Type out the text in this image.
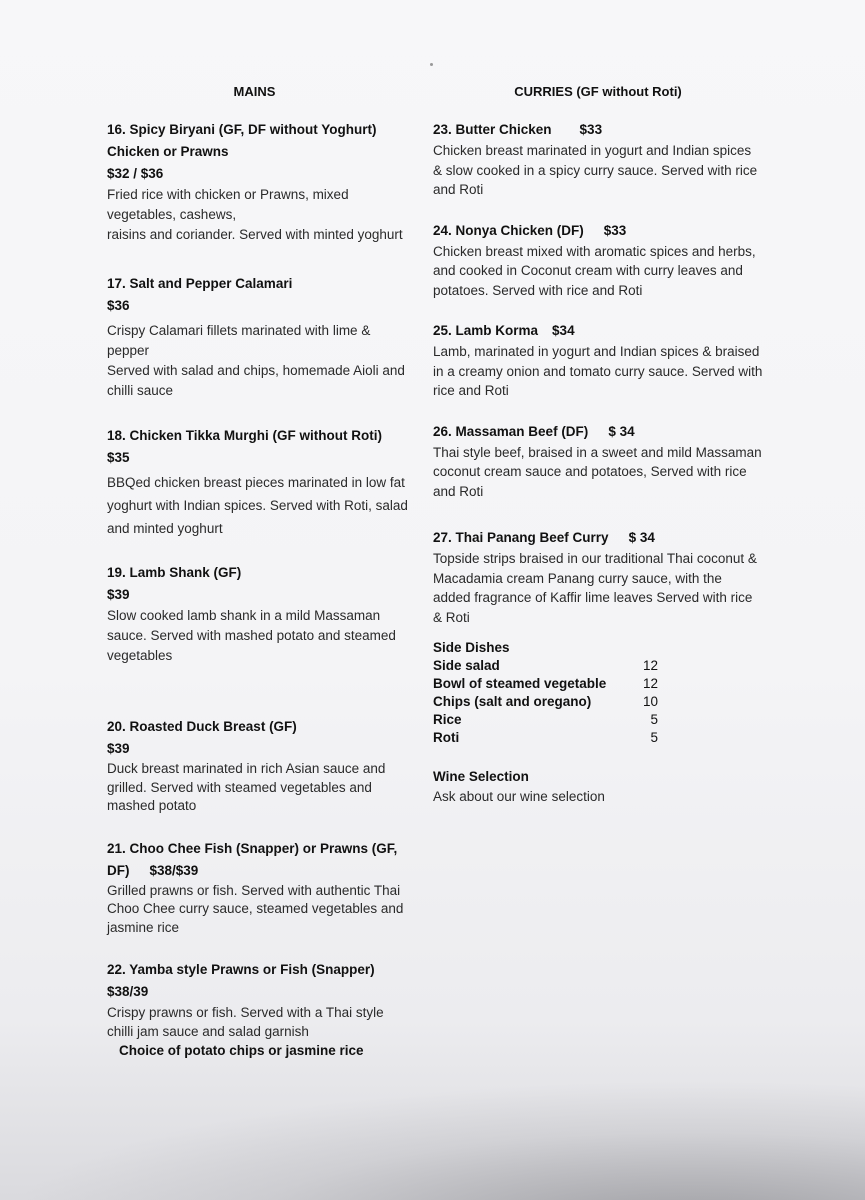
MAINS
16. Spicy Biryani (GF, DF without Yoghurt) Chicken or Prawns
$32 / $36
Fried rice with chicken or Prawns, mixed vegetables, cashews,
raisins and coriander. Served with minted yoghurt
17. Salt and Pepper Calamari
$36
Crispy Calamari fillets marinated with lime & pepper
Served with salad and chips, homemade Aioli and chilli sauce
18. Chicken Tikka Murghi (GF without Roti)
$35
BBQed chicken breast pieces marinated in low fat yoghurt with Indian spices. Served with Roti, salad and minted yoghurt
19. Lamb Shank (GF)
$39
Slow cooked lamb shank in a mild Massaman sauce. Served with mashed potato and steamed vegetables
20. Roasted Duck Breast (GF)
$39
Duck breast marinated in rich Asian sauce and grilled. Served with steamed vegetables and mashed potato
21. Choo Chee Fish (Snapper) or Prawns (GF, DF) $38/$39
Grilled prawns or fish. Served with authentic Thai Choo Chee curry sauce, steamed vegetables and jasmine rice
22. Yamba style Prawns or Fish (Snapper)
$38/39
Crispy prawns or fish. Served with a Thai style chilli jam sauce and salad garnish
Choice of potato chips or jasmine rice
CURRIES (GF without Roti)
23. Butter Chicken $33
Chicken breast marinated in yogurt and Indian spices & slow cooked in a spicy curry sauce. Served with rice and Roti
24. Nonya Chicken (DF) $33
Chicken breast mixed with aromatic spices and herbs, and cooked in Coconut cream with curry leaves and potatoes. Served with rice and Roti
25. Lamb Korma $34
Lamb, marinated in yogurt and Indian spices & braised in a creamy onion and tomato curry sauce. Served with rice and Roti
26. Massaman Beef (DF) $ 34
Thai style beef, braised in a sweet and mild Massaman coconut cream sauce and potatoes, Served with rice and Roti
27. Thai Panang Beef Curry $ 34
Topside strips braised in our traditional Thai coconut & Macadamia cream Panang curry sauce, with the added fragrance of Kaffir lime leaves Served with rice & Roti
Side Dishes
Side salad	12
Bowl of steamed vegetable	12
Chips (salt and oregano)	10
Rice	5
Roti	5
Wine Selection
Ask about our wine selection
